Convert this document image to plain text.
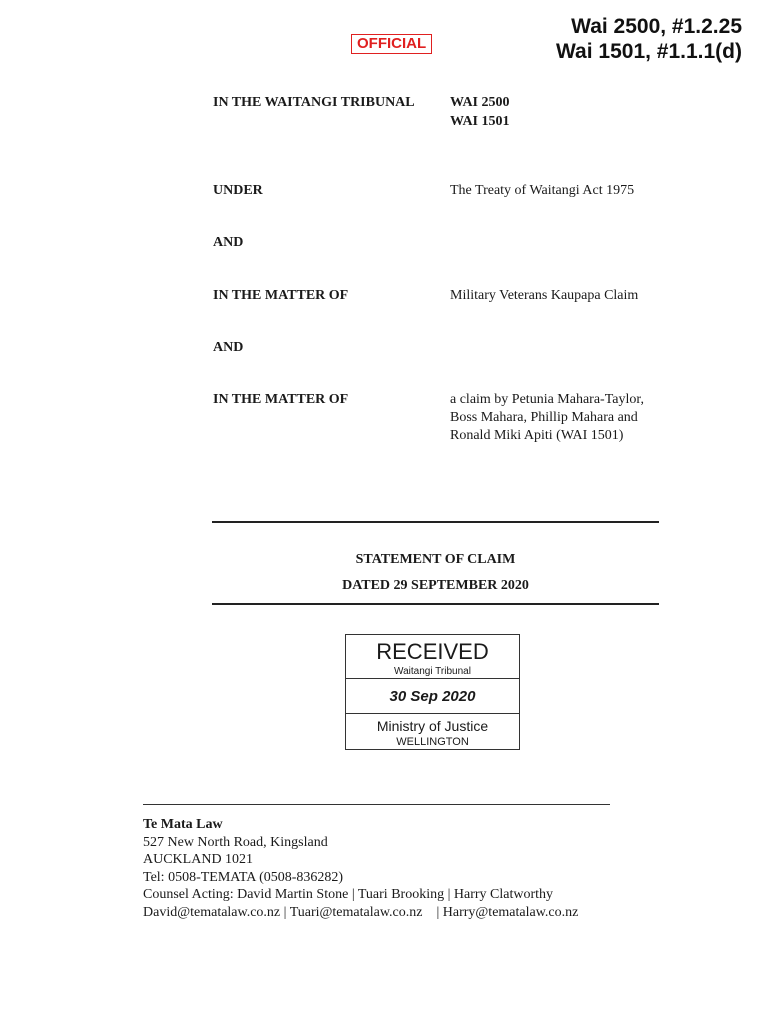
OFFICIAL
Wai 2500, #1.2.25
Wai 1501, #1.1.1(d)
IN THE WAITANGI TRIBUNAL	WAI 2500
WAI 1501
UNDER	The Treaty of Waitangi Act 1975
AND
IN THE MATTER OF	Military Veterans Kaupapa Claim
AND
IN THE MATTER OF	a claim by Petunia Mahara-Taylor,
Boss Mahara, Phillip Mahara and
Ronald Miki Apiti (WAI 1501)
STATEMENT OF CLAIM
DATED 29 SEPTEMBER 2020
RECEIVED
Waitangi Tribunal
30 Sep 2020
Ministry of Justice
WELLINGTON
Te Mata Law
527 New North Road, Kingsland
AUCKLAND 1021
Tel: 0508-TEMATA (0508-836282)
Counsel Acting: David Martin Stone | Tuari Brooking | Harry Clatworthy
David@tematalaw.co.nz | Tuari@tematalaw.co.nz    | Harry@tematalaw.co.nz
